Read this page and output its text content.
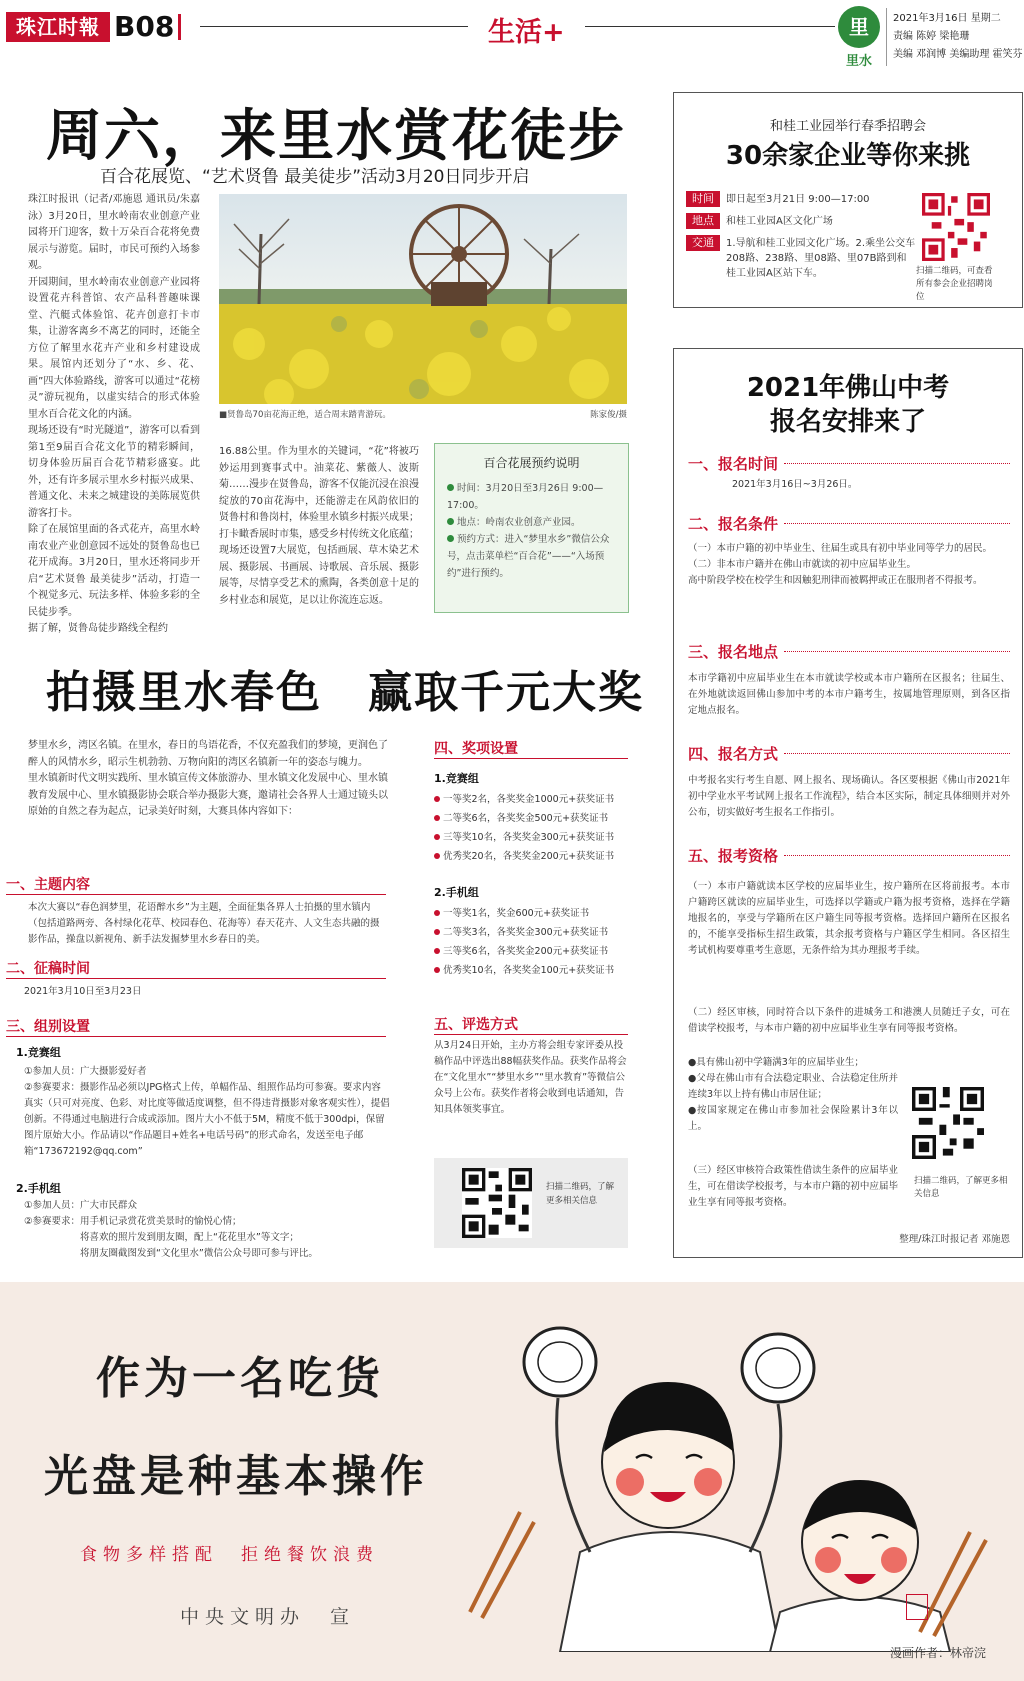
珠江时報 B08	生活+	里
里水
2021年3月16日 星期二
责编 陈婷 梁艳珊
美编 邓润博 美编助理 霍笑芬
周六，来里水赏花徒步
百合花展览、“艺术贤鲁 最美徒步”活动3月20日同步开启

珠江时报讯（记者/邓施恩 通讯员/朱嘉泳）3月20日，里水岭南农业创意产业园将开门迎客，数十万朵百合花将免费展示与游览。届时，市民可预约入场参观。

开园期间，里水岭南农业创意产业园将设置花卉科普馆、农产品科普趣味课堂、汽艇式体验馆、花卉创意打卡市集，让游客离乡不离艺的同时，还能全方位了解里水花卉产业和乡村建设成果。展馆内还划分了“水、乡、花、画”四大体验路线，游客可以通过“花榜灵”游玩视角，以虚实结合的形式体验里水百合花文化的内涵。

现场还设有“时光隧道”，游客可以看到第1至9届百合花文化节的精彩瞬间，切身体验历届百合花节精彩盛宴。此外，还有许多展示里水乡村振兴成果、普通文化、未来之城建设的美陈展览供游客打卡。

除了在展馆里面的各式花卉，高里水岭南农业产业创意园不远处的贤鲁岛也已花开成海。3月20日，里水还将同步开启“艺术贤鲁 最美徒步”活动，打造一个视觉多元、玩法多样、体验多彩的全民徒步季。

据了解，贤鲁岛徒步路线全程约

■贤鲁岛70亩花海正绝，适合周末踏青游玩。	陈家俊/摄

16.88公里。作为里水的关键词，“花”将被巧妙运用到赛事式中。油菜花、紫薇人、波斯菊……漫步在贤鲁岛，游客不仅能沉浸在浪漫绽放的70亩花海中，还能游走在风韵依旧的贤鲁村和鲁岗村，体验里水镇乡村振兴成果；打卡瞰香展时市集，感受乡村传统文化底蕴；现场还设置7大展览，包括画展、草木染艺术展、摄影展、书画展、诗歌展、音乐展、摄影展等，尽情享受艺术的熏陶，各类创意十足的乡村业态和展览，足以让你流连忘返。

百合花展预约说明
时间：3月20日至3月26日 9:00—17:00。
地点：岭南农业创意产业园。
预约方式：进入“梦里水乡”微信公众号，点击菜单栏“百合花”——“入场预约”进行预约。
和桂工业园举行春季招聘会
30余家企业等你来挑
时间	即日起至3月21日 9:00—17:00
地点	和桂工业园A区文化广场
交通	1.导航和桂工业园文化广场。2.乘坐公交车208路、238路、里08路、里07B路到和桂工业园A区站下车。	扫描二维码，可查看所有参会企业招聘岗位
2021年佛山中考
报名安排来了
一、报名时间
2021年3月16日~3月26日。
二、报名条件

（一）本市户籍的初中毕业生、往届生或具有初中毕业同等学力的居民。

（二）非本市户籍并在佛山市就读的初中应届毕业生。

高中阶段学校在校学生和因触犯刑律而被羁押或正在服刑者不得报考。

三、报名地点
本市学籍初中应届毕业生在本市就读学校或本市户籍所在区报名；往届生、在外地就读返回佛山参加中考的本市户籍考生，按属地管理原则，到各区指定地点报名。
四、报名方式
中考报名实行考生自愿、网上报名、现场确认。各区要根据《佛山市2021年初中学业水平考试网上报名工作流程》，结合本区实际，制定具体细则并对外公布，切实做好考生报名工作指引。
五、报考资格
（一）本市户籍就读本区学校的应届毕业生，按户籍所在区将前报考。本市户籍跨区就读的应届毕业生，可选择以学籍或户籍为报考资格，选择在学籍地报名的，享受与学籍所在区户籍生同等报考资格。选择回户籍所在区报名的，不能享受指标生招生政策，其余报考资格与户籍区学生相同。各区招生考试机构要尊重考生意愿，无条件给为其办理报考手续。
（二）经区审核，同时符合以下条件的进城务工和港澳人员随迁子女，可在借读学校报考，与本市户籍的初中应届毕业生享有同等报考资格。

●具有佛山初中学籍满3年的应届毕业生；

●父母在佛山市有合法稳定职业、合法稳定住所并连续3年以上持有佛山市居住证；

●按国家规定在佛山市参加社会保险累计3年以上。

（三）经区审核符合政策性借读生条件的应届毕业生，可在借读学校报考，与本市户籍的初中应届毕业生享有同等报考资格。
扫描二维码，了解更多相关信息
整理/珠江时报记者 邓施恩
拍摄里水春色　赢取千元大奖

梦里水乡，湾区名镇。在里水，春日的鸟语花香，不仅充盈我们的梦境，更润色了醉人的风情水乡，昭示生机勃勃、万物向阳的湾区名镇新一年的姿态与魄力。

里水镇新时代文明实践所、里水镇宣传文体旅游办、里水镇文化发展中心、里水镇教育发展中心、里水镇摄影协会联合举办摄影大赛，邀请社会各界人士通过镜头以原始的自然之春为起点，记录美好时刻，大赛具体内容如下：

一、主题内容
本次大赛以“春色润梦里，花语醉水乡”为主题，全面征集各界人士拍摄的里水镇内（包括道路两旁、各村绿化花草、校园春色、花海等）春天花卉、人文生态共融的摄影作品，操盘以新视角、新手法发掘梦里水乡春日的美。
二、征稿时间
2021年3月10日至3月23日
三、组别设置
1.竞赛组

①参加人员：广大摄影爱好者

②参赛要求：摄影作品必须以JPG格式上传，单幅作品、组照作品均可参赛。要求内容真实（只可对亮度、色彩、对比度等做适度调整，但不得违背摄影对象客观实性），提倡创新。不得通过电脑进行合成或添加。图片大小不低于5M，精度不低于300dpi，保留图片原始大小。作品请以“作品题目+姓名+电话号码”的形式命名，发送至电子邮箱“173672192@qq.com”

2.手机组

①参加人员：广大市民群众

②参赛要求：用手机记录赏花赏美景时的愉悦心情；

将喜欢的照片发到朋友圈，配上“花花里水”等文字；

将朋友圈截图发到“文化里水”微信公众号即可参与评比。

四、奖项设置
1.竞赛组
一等奖2名，各奖奖金1000元+获奖证书
二等奖6名，各奖奖金500元+获奖证书
三等奖10名，各奖奖金300元+获奖证书
优秀奖20名，各奖奖金200元+获奖证书
2.手机组
一等奖1名，奖金600元+获奖证书
二等奖3名，各奖奖金300元+获奖证书
三等奖6名，各奖奖金200元+获奖证书
优秀奖10名，各奖奖金100元+获奖证书
五、评选方式
从3月24日开始，主办方将会组专家评委从投稿作品中评选出88幅获奖作品。获奖作品将会在“文化里水”“梦里水乡”“里水教育”等微信公众号上公布。获奖作者将会收到电话通知，告知具体领奖事宜。
扫描二维码，了解更多相关信息
作为一名吃货
光盘是种基本操作
食物多样搭配　拒绝餐饮浪费
中央文明办　宣
漫画作者：林帝浣
